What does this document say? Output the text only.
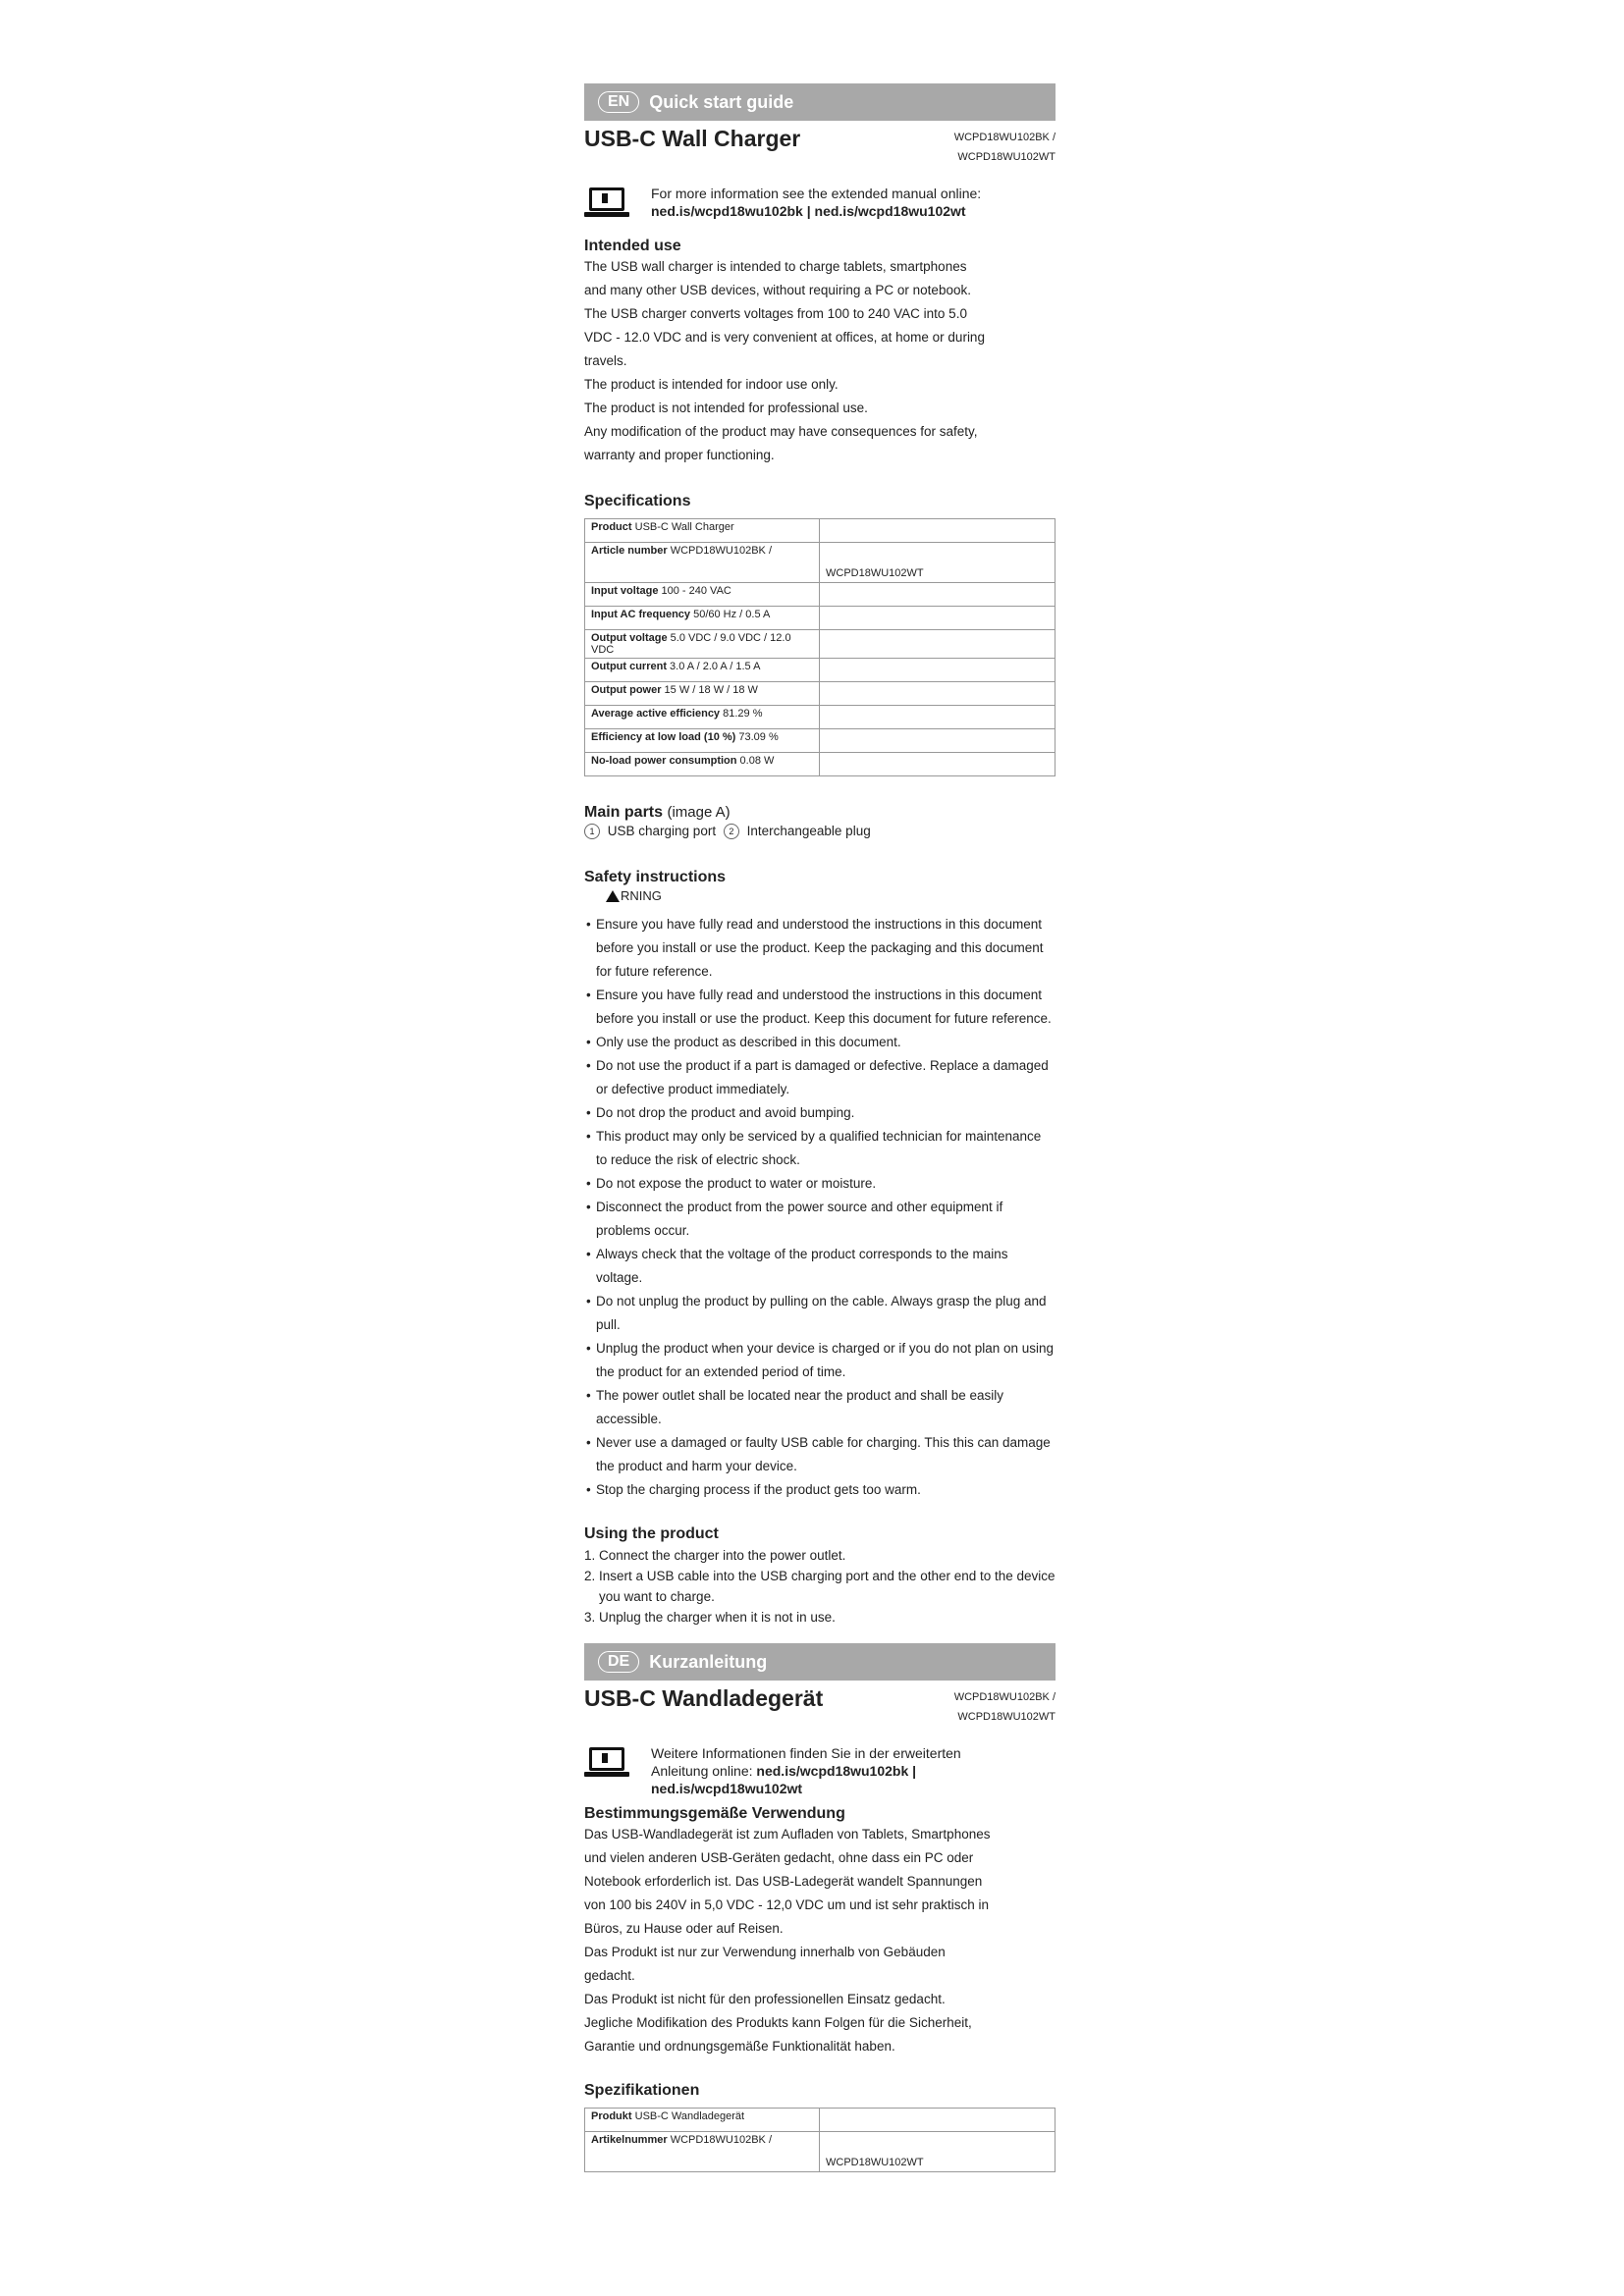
EN	Quick start guide
USB-C Wall Charger	WCPD18WU102BK /
WCPD18WU102WT
For more information see the extended manual online:
ned.is/wcpd18wu102bk | ned.is/wcpd18wu102wt
Intended use

The USB wall charger is intended to charge tablets, smartphones

and many other USB devices, without requiring a PC or notebook.

The USB charger converts voltages from 100 to 240 VAC into 5.0

VDC - 12.0 VDC and is very convenient at offices, at home or during

travels.

The product is intended for indoor use only.

The product is not intended for professional use.

Any modification of the product may have consequences for safety,

warranty and proper functioning.

Specifications
Product USB-C Wall Charger	
Article number WCPD18WU102BK /	WCPD18WU102WT
Input voltage 100 - 240 VAC	
Input AC frequency 50/60 Hz / 0.5 A	
Output voltage 5.0 VDC / 9.0 VDC / 12.0 VDC	
Output current 3.0 A / 2.0 A / 1.5 A	
Output power 15 W / 18 W / 18 W	
Average active efficiency 81.29 %	
Efficiency at low load (10 %) 73.09 %	
No-load power consumption 0.08 W	
Main parts (image A)
1 USB charging port 2 Interchangeable plug
Safety instructions
RNING
• Ensure you have fully read and understood the instructions in this document before you install or use the product. Keep the packaging and this document for future reference.
• Ensure you have fully read and understood the instructions in this document before you install or use the product. Keep this document for future reference.
• Only use the product as described in this document.
• Do not use the product if a part is damaged or defective. Replace a damaged or defective product immediately.
• Do not drop the product and avoid bumping.
• This product may only be serviced by a qualified technician for maintenance to reduce the risk of electric shock.
• Do not expose the product to water or moisture.
• Disconnect the product from the power source and other equipment if problems occur.
• Always check that the voltage of the product corresponds to the mains voltage.
• Do not unplug the product by pulling on the cable. Always grasp the plug and pull.
• Unplug the product when your device is charged or if you do not plan on using the product for an extended period of time.
• The power outlet shall be located near the product and shall be easily accessible.
• Never use a damaged or faulty USB cable for charging. This this can damage the product and harm your device.
• Stop the charging process if the product gets too warm.
Using the product
1. Connect the charger into the power outlet.
2. Insert a USB cable into the USB charging port and the other end to the device you want to charge.
3. Unplug the charger when it is not in use.
DE	Kurzanleitung
USB-C Wandladegerät	WCPD18WU102BK /
WCPD18WU102WT
Weitere Informationen finden Sie in der erweiterten
Anleitung online: ned.is/wcpd18wu102bk |
ned.is/wcpd18wu102wt
Bestimmungsgemäße Verwendung

Das USB-Wandladegerät ist zum Aufladen von Tablets, Smartphones

und vielen anderen USB-Geräten gedacht, ohne dass ein PC oder

Notebook erforderlich ist. Das USB-Ladegerät wandelt Spannungen

von 100 bis 240V in 5,0 VDC - 12,0 VDC um und ist sehr praktisch in

Büros, zu Hause oder auf Reisen.

Das Produkt ist nur zur Verwendung innerhalb von Gebäuden

gedacht.

Das Produkt ist nicht für den professionellen Einsatz gedacht.

Jegliche Modifikation des Produkts kann Folgen für die Sicherheit,

Garantie und ordnungsgemäße Funktionalität haben.

Spezifikationen
Produkt USB-C Wandladegerät	
Artikelnummer WCPD18WU102BK /	WCPD18WU102WT
